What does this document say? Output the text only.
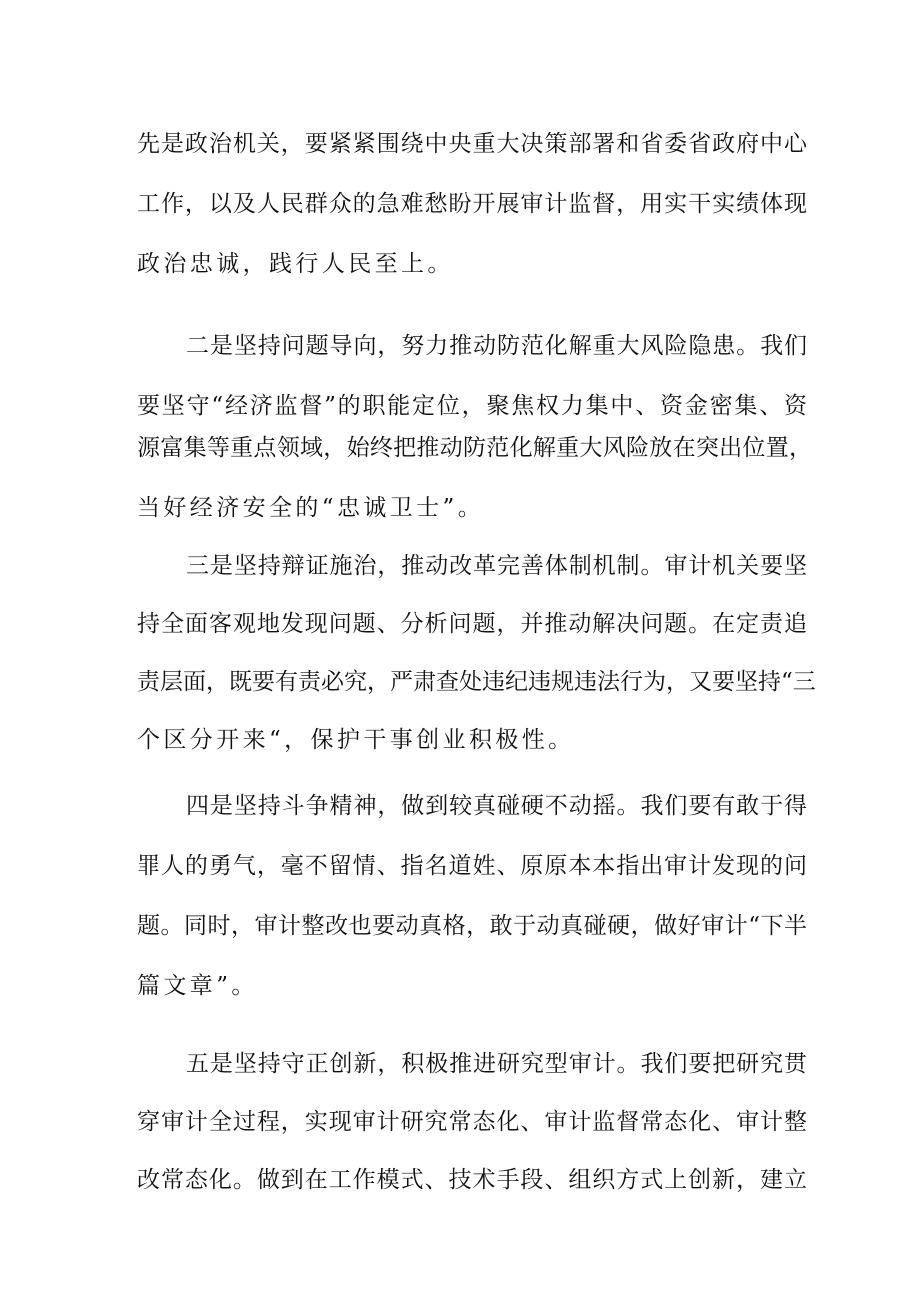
先是政治机关，要紧紧围绕中央重大决策部署和省委省政府中心
工作，以及人民群众的急难愁盼开展审计监督，用实干实绩体现
政治忠诚，践行人民至上。
二是坚持问题导向，努力推动防范化解重大风险隐患。我们
要坚守“经济监督”的职能定位，聚焦权力集中、资金密集、资
源富集等重点领域，始终把推动防范化解重大风险放在突出位置，
当好经济安全的“忠诚卫士”。
三是坚持辩证施治，推动改革完善体制机制。审计机关要坚
持全面客观地发现问题、分析问题，并推动解决问题。在定责追
责层面，既要有责必究，严肃查处违纪违规违法行为，又要坚持“三
个区分开来“，保护干事创业积极性。
四是坚持斗争精神，做到较真碰硬不动摇。我们要有敢于得
罪人的勇气，毫不留情、指名道姓、原原本本指出审计发现的问
题。同时，审计整改也要动真格，敢于动真碰硬，做好审计“下半
篇文章”。
五是坚持守正创新，积极推进研究型审计。我们要把研究贯
穿审计全过程，实现审计研究常态化、审计监督常态化、审计整
改常态化。做到在工作模式、技术手段、组织方式上创新，建立
